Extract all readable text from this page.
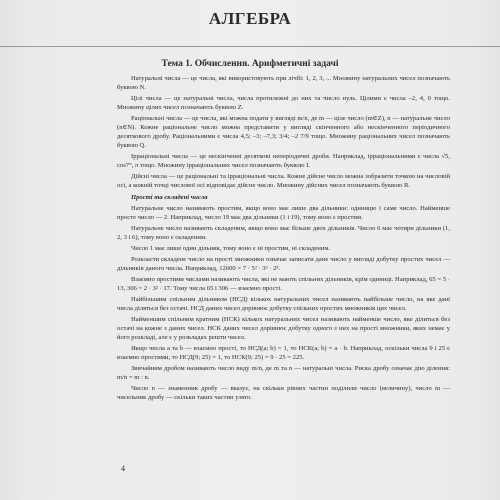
АЛГЕБРА
Тема 1. Обчислення. Арифметичні задачі

Натуральні числа — це числа, які використовують при лічбі: 1, 2, 3, ... Множину натуральних чисел позначають буквою N.

Цілі числа — це натуральні числа, числа протилежні до них та число нуль. Цілими є числа –2, 4, 0 тощо. Множину цілих чисел позначають буквою Z.

Раціональні числа — це числа, які можна подати у вигляді m/n, де m — ціле число (m∈Z), n — натуральне число (n∈N). Кожне раціональне число можна представити у вигляді скінченного або нескінченного періодичного десяткового дробу. Раціональними є числа 4,5; –3; –7,3; 3/4; –2 7/9 тощо. Множину раціональних чисел позначають буквою Q.

Ірраціональні числа — це нескінченні десяткові неперіодичні дроби. Наприклад, ірраціональними є числа √5, cos7°, π тощо. Множину ірраціональних чисел позначають буквою I.

Дійсні числа — це раціональні та ірраціональні числа. Кожне дійсне число можна зобразити точкою на числовій осі, а кожній точці числової осі відповідає дійсне число. Множину дійсних чисел позначають буквою R.

Прості та складені числа

Натуральне число називають простим, якщо воно має лише два дільники: одиницю і саме число. Найменше просте число — 2. Наприклад, число 19 має два дільники (1 і 19), тому воно є простим.

Натуральне число називають складеним, якщо воно має більше двох дільників. Число 6 має чотири дільники (1, 2, 3 і 6), тому воно є складеним.

Число 1 має лише один дільник, тому воно є ні простим, ні складеним.

Розкласти складене число на прості множники означає записати дане число у вигляді добутку простих чисел — дільників даного числа. Наприклад, 12600 = 7 · 5² · 3² · 2³.

Взаємно простими числами називають числа, які не мають спільних дільників, крім одиниці. Наприклад, 65 = 5 · 13, 306 = 2 · 3² · 17. Тому числа 65 і 306 — взаємно прості.

Найбільшим спільним дільником (НСД) кількох натуральних чисел називають найбільше число, на яке дані числа діляться без остачі. НСД даних чисел дорівнює добутку спільних простих множників цих чисел.

Найменшим спільним кратним (НСК) кількох натуральних чисел називають найменше число, яке ділиться без остачі на кожне з даних чисел. НСК даних чисел дорівнює добутку одного з них на прості множники, яких немає у його розкладі, але є у розкладах решти чисел.

Якщо числа a та b — взаємно прості, то НСД(a; b) = 1, то НСК(a; b) = a · b. Наприклад, оскільки числа 9 і 25 є взаємно простими, то НСД(9; 25) = 1, то НСК(9; 25) = 9 · 25 = 225.

Звичайним дробом називають число виду m/n, де m та n — натуральні числа. Риска дробу означає дію ділення: m/n = m : n.

Число n — знаменник дробу — вказує, на скільки рівних частин поділили число (величину), число m — чисельник дробу — скільки таких частин узято.

4
